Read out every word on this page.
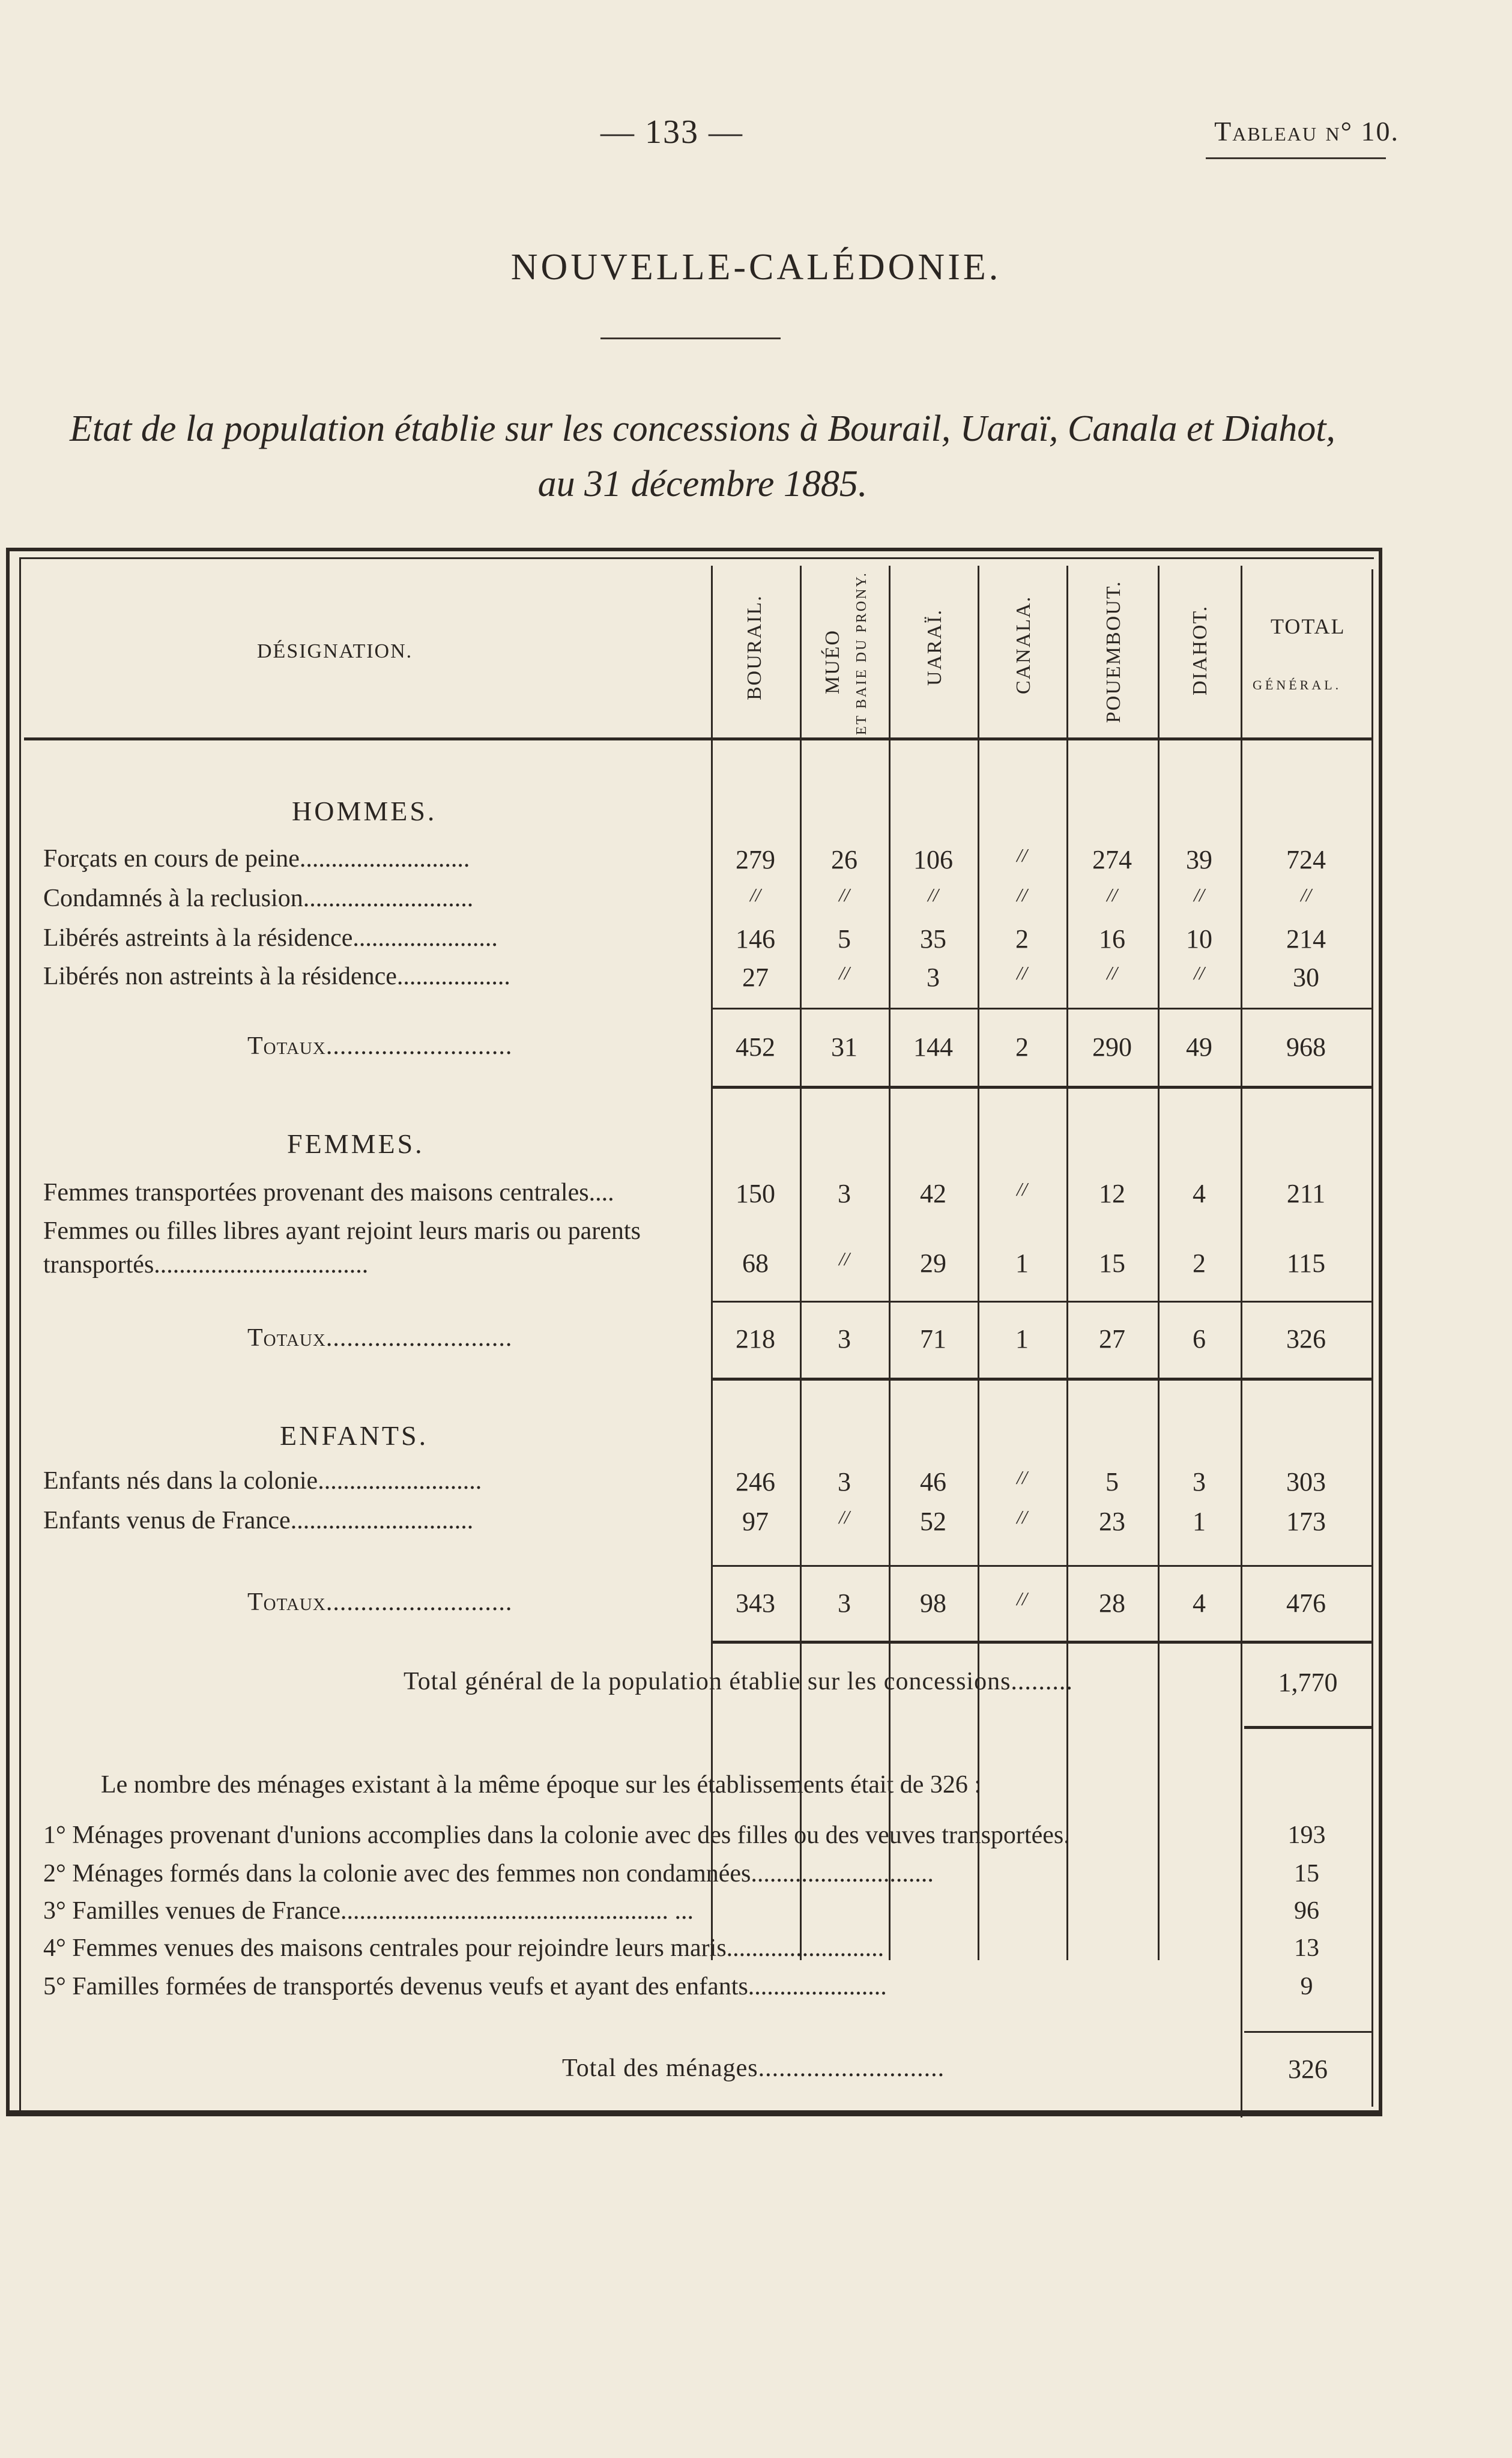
— 133 —	Tableau n° 10.
NOUVELLE-CALÉDONIE.
Etat de la population établie sur les concessions à Bourail, Uaraï, Canala et Diahot,
au 31 décembre 1885.
DÉSIGNATION.	BOURAIL.	MUÉO ET BAIE DU PRONY.	UARAÏ.	CANALA.	POUEMBOUT.	DIAHOT.	TOTAL
GÉNÉRAL.
HOMMES.
Forçats en cours de peine...........................	279	26	106	//	274	39	724
Condamnés à la reclusion...........................	//	//	//	//	//	//	//
Libérés astreints à la résidence.......................	146	5	35	2	16	10	214
Libérés non astreints à la résidence..................	27	//	3	//	//	//	30
Totaux...........................	452	31	144	2	290	49	968
FEMMES.
Femmes transportées provenant des maisons centrales....	150	3	42	//	12	4	211
Femmes ou filles libres ayant rejoint leurs maris ou parents transportés..................................	68	//	29	1	15	2	115
Totaux...........................	218	3	71	1	27	6	326
ENFANTS.
Enfants nés dans la colonie..........................	246	3	46	//	5	3	303
Enfants venus de France.............................	97	//	52	//	23	1	173
Totaux...........................	343	3	98	//	28	4	476
Total général de la population établie sur les concessions.........	1,770
Le nombre des ménages existant à la même époque sur les établissements était de 326 :
1° Ménages provenant d'unions accomplies dans la colonie avec des filles ou des veuves transportées.	193
2° Ménages formés dans la colonie avec des femmes non condamnées.............................	15
3° Familles venues de France.................................................... ...	96
4° Femmes venues des maisons centrales pour rejoindre leurs maris.........................	13
5° Familles formées de transportés devenus veufs et ayant des enfants......................	9
Total des ménages...........................	326
